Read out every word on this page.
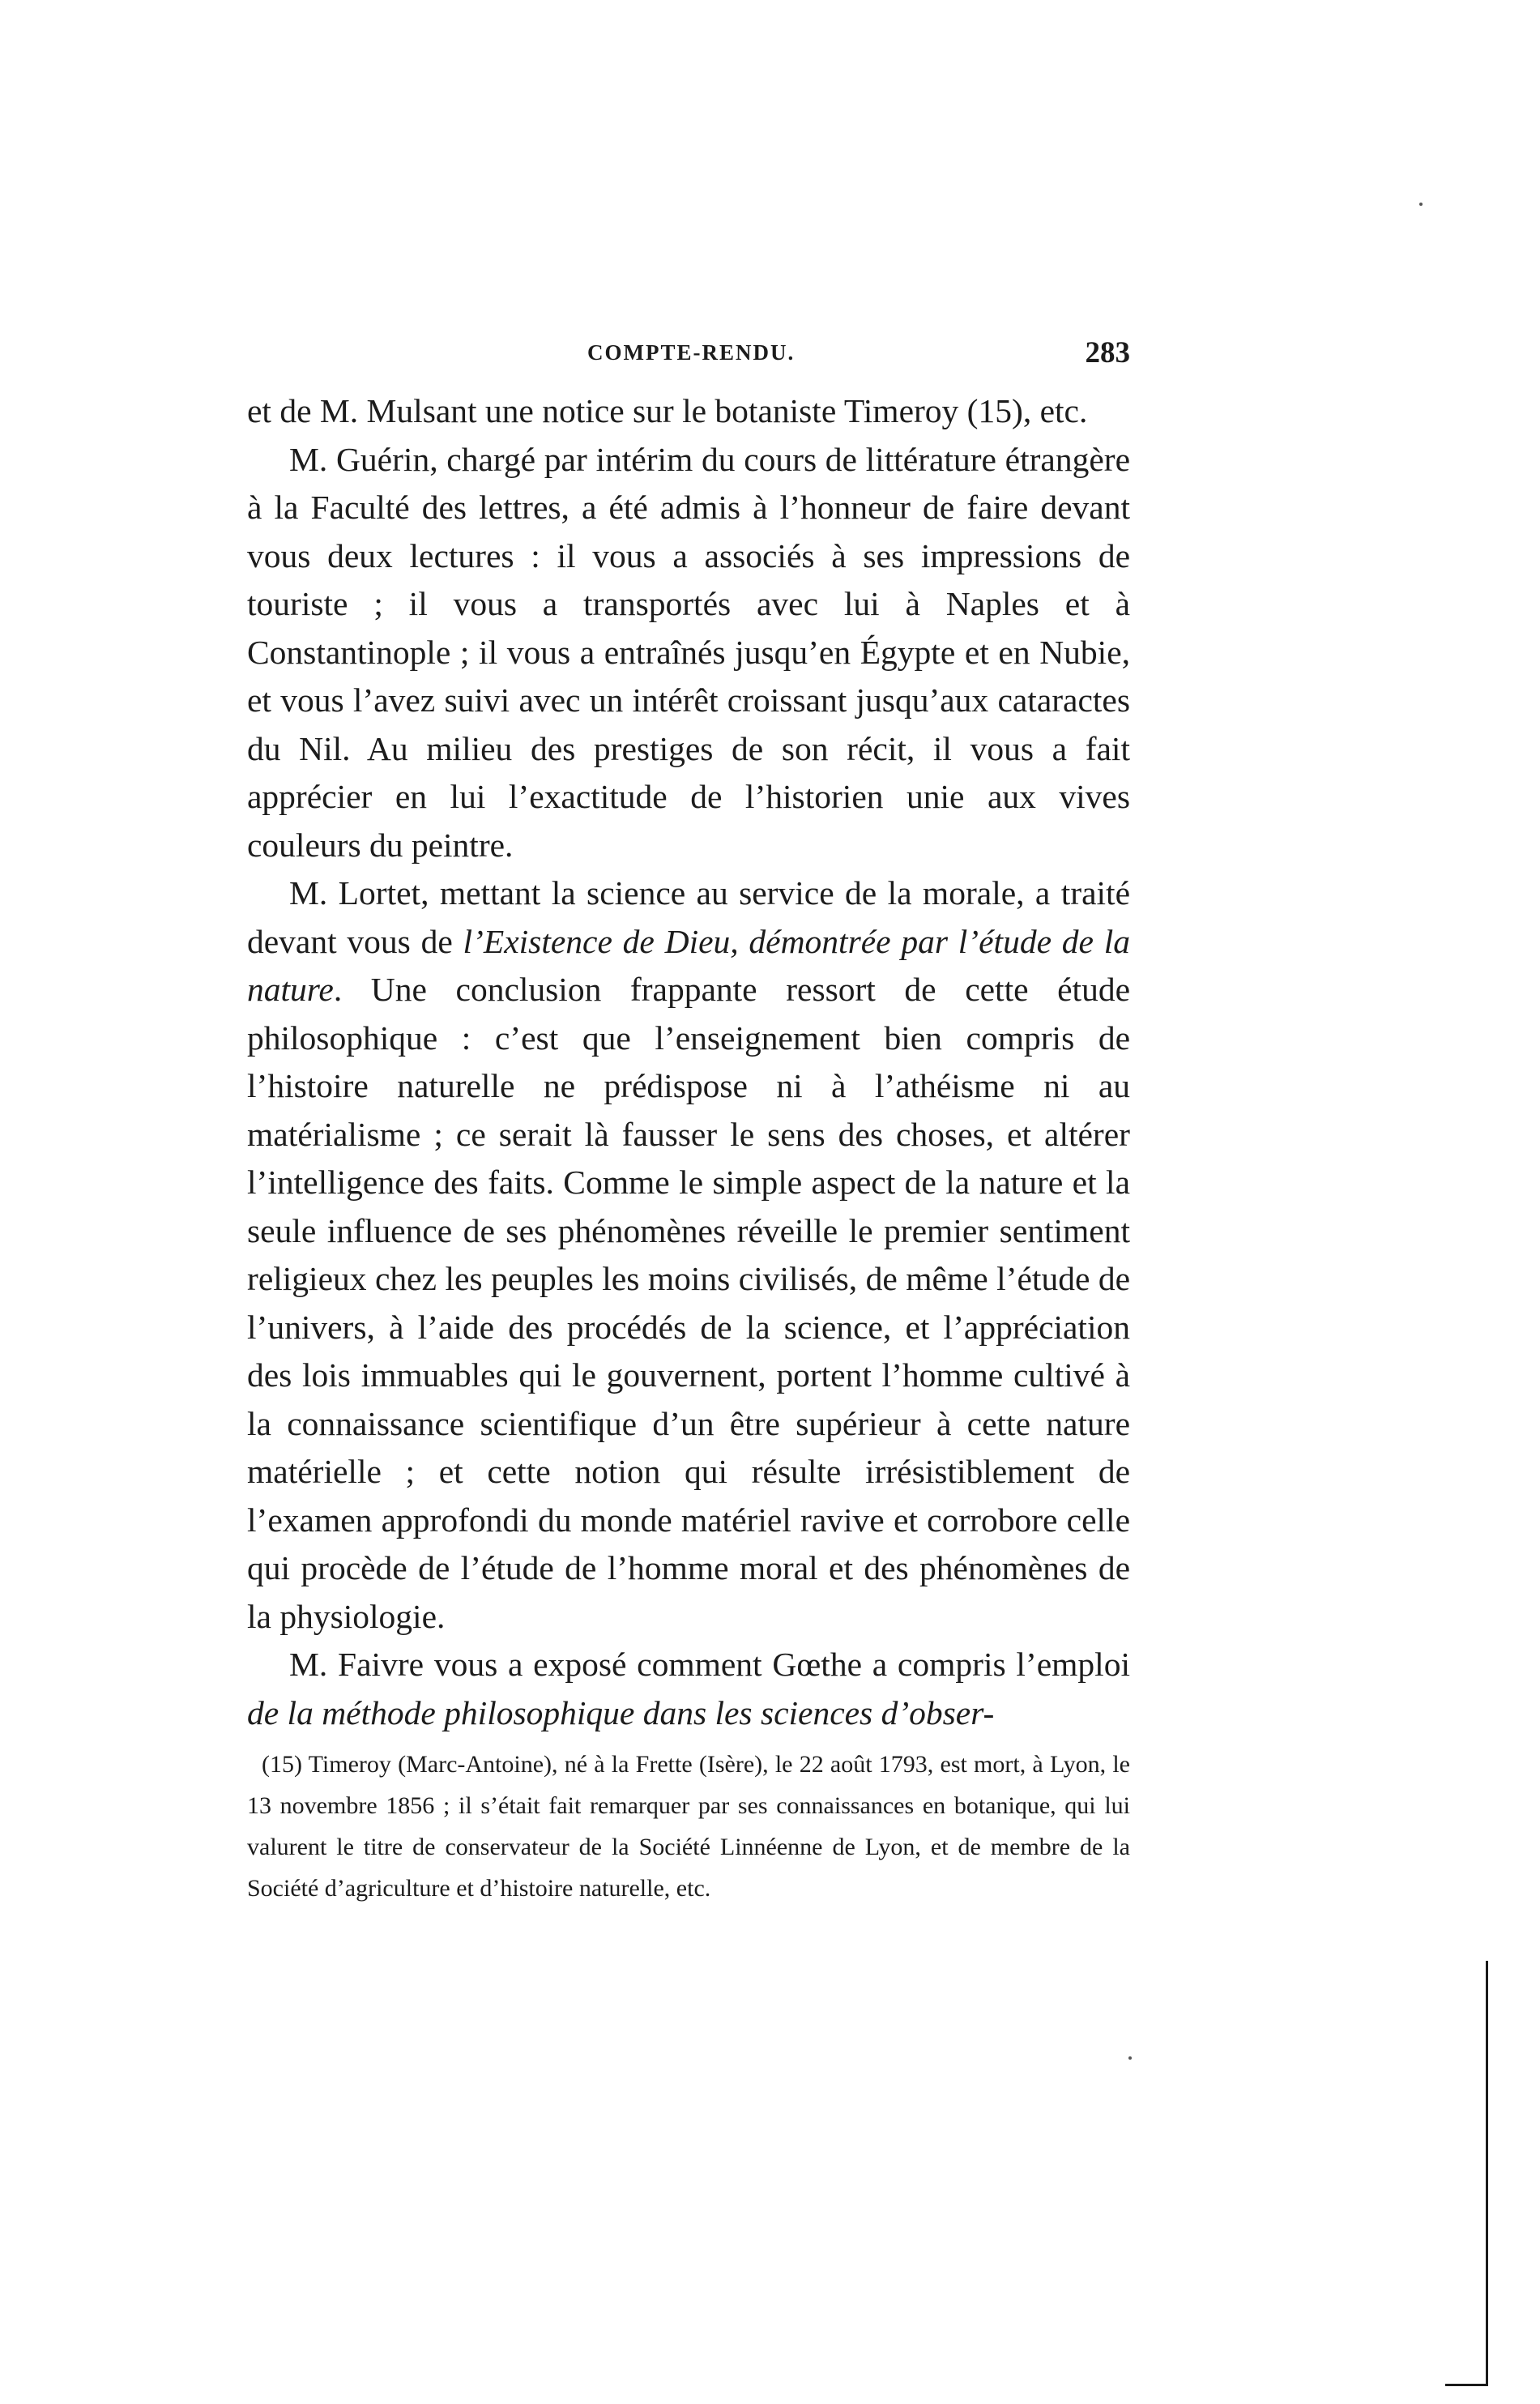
COMPTE-RENDU.	283

et de M. Mulsant une notice sur le botaniste Timeroy (15), etc.

M. Guérin, chargé par intérim du cours de littérature étrangère à la Faculté des lettres, a été admis à l’honneur de faire devant vous deux lectures : il vous a associés à ses impressions de touriste ; il vous a transportés avec lui à Naples et à Constantinople ; il vous a entraînés jusqu’en Égypte et en Nubie, et vous l’avez suivi avec un intérêt croissant jusqu’aux cataractes du Nil. Au milieu des prestiges de son récit, il vous a fait apprécier en lui l’exactitude de l’historien unie aux vives couleurs du peintre.

M. Lortet, mettant la science au service de la morale, a traité devant vous de l’Existence de Dieu, démontrée par l’étude de la nature. Une conclusion frappante ressort de cette étude philosophique : c’est que l’enseignement bien compris de l’histoire naturelle ne prédispose ni à l’athéisme ni au matérialisme ; ce serait là fausser le sens des choses, et altérer l’intelligence des faits. Comme le simple aspect de la nature et la seule influence de ses phénomènes réveille le premier sentiment religieux chez les peuples les moins civilisés, de même l’étude de l’univers, à l’aide des procédés de la science, et l’appréciation des lois immuables qui le gouvernent, portent l’homme cultivé à la connaissance scientifique d’un être supérieur à cette nature matérielle ; et cette notion qui résulte irrésistiblement de l’examen approfondi du monde matériel ravive et corrobore celle qui procède de l’étude de l’homme moral et des phénomènes de la physiologie.

M. Faivre vous a exposé comment Gœthe a compris l’emploi de la méthode philosophique dans les sciences d’obser-

(15) Timeroy (Marc-Antoine), né à la Frette (Isère), le 22 août 1793, est mort, à Lyon, le 13 novembre 1856 ; il s’était fait remarquer par ses connaissances en botanique, qui lui valurent le titre de conservateur de la Société Linnéenne de Lyon, et de membre de la Société d’agriculture et d’histoire naturelle, etc.
